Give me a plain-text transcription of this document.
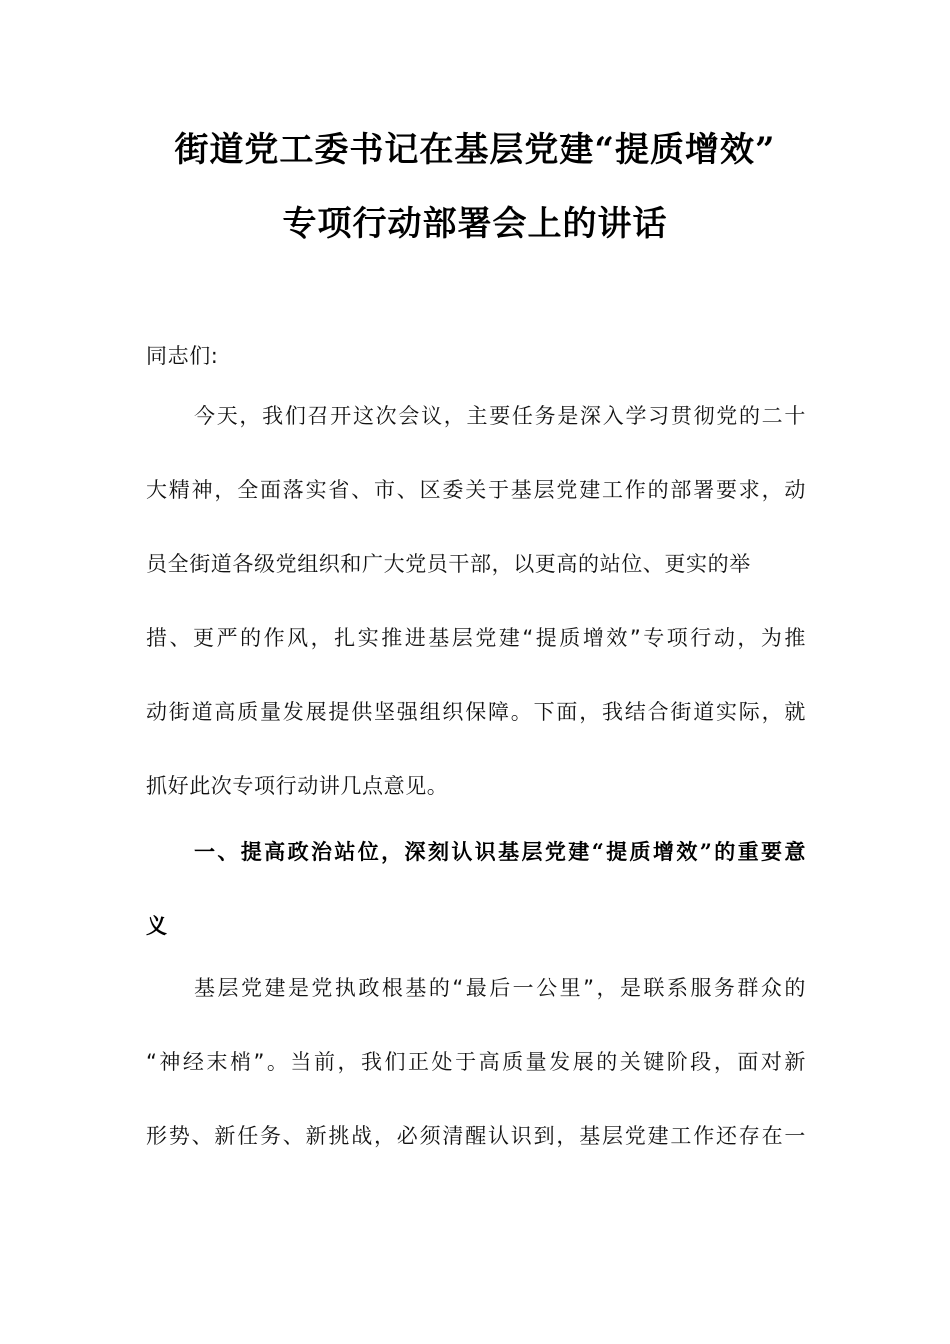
街道党工委书记在基层党建“提质增效”
专项行动部署会上的讲话
同志们:
今天，我们召开这次会议，主要任务是深入学习贯彻党的二十
大精神，全面落实省、市、区委关于基层党建工作的部署要求，动
员全街道各级党组织和广大党员干部，以更高的站位、更实的举
措、更严的作风，扎实推进基层党建“提质增效”专项行动，为推
动街道高质量发展提供坚强组织保障。下面，我结合街道实际，就
抓好此次专项行动讲几点意见。
一、提高政治站位，深刻认识基层党建“提质增效”的重要意
义
基层党建是党执政根基的“最后一公里”，是联系服务群众的
“神经末梢”。当前，我们正处于高质量发展的关键阶段，面对新
形势、新任务、新挑战，必须清醒认识到，基层党建工作还存在一
